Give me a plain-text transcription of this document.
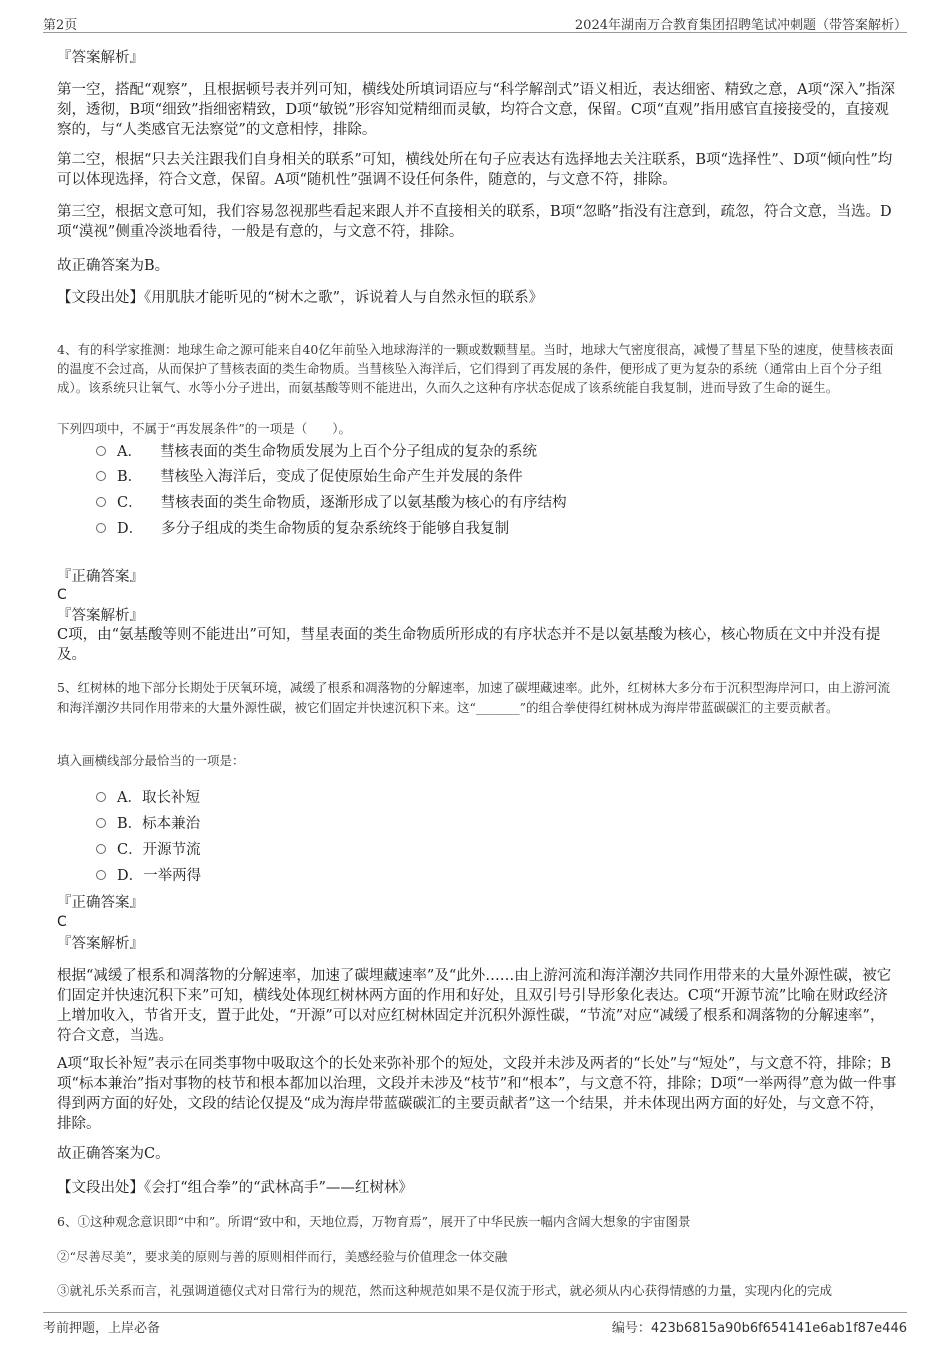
第2页	2024年湖南万合教育集团招聘笔试冲刺题（带答案解析）
『答案解析』
第一空，搭配“观察”，且根据顿号表并列可知，横线处所填词语应与“科学解剖式”语义相近，表达细密、精致之意，A项“深入”指深刻，透彻，B项“细致”指细密精致，D项“敏锐”形容知觉精细而灵敏，均符合文意，保留。C项“直观”指用感官直接接受的，直接观察的，与“人类感官无法察觉”的文意相悖，排除。
第二空，根据“只去关注跟我们自身相关的联系”可知，横线处所在句子应表达有选择地去关注联系，B项“选择性”、D项“倾向性”均可以体现选择，符合文意，保留。A项“随机性”强调不设任何条件，随意的，与文意不符，排除。
第三空，根据文意可知，我们容易忽视那些看起来跟人并不直接相关的联系，B项“忽略”指没有注意到，疏忽，符合文意，当选。D项“漠视”侧重冷淡地看待，一般是有意的，与文意不符，排除。
故正确答案为B。
【文段出处】《用肌肤才能听见的“树木之歌”，诉说着人与自然永恒的联系》
4、有的科学家推测：地球生命之源可能来自40亿年前坠入地球海洋的一颗或数颗彗星。当时，地球大气密度很高，减慢了彗星下坠的速度，使彗核表面的温度不会过高，从而保护了彗核表面的类生命物质。当彗核坠入海洋后，它们得到了再发展的条件，便形成了更为复杂的系统（通常由上百个分子组成）。该系统只让氧气、水等小分子进出，而氨基酸等则不能进出，久而久之这种有序状态促成了该系统能自我复制，进而导致了生命的诞生。
下列四项中，不属于“再发展条件”的一项是（　　）。
A． 彗核表面的类生命物质发展为上百个分子组成的复杂的系统
B． 彗核坠入海洋后，变成了促使原始生命产生并发展的条件
C． 彗核表面的类生命物质，逐渐形成了以氨基酸为核心的有序结构
D． 多分子组成的类生命物质的复杂系统终于能够自我复制
『正确答案』
C
『答案解析』
C项，由“氨基酸等则不能进出”可知，彗星表面的类生命物质所形成的有序状态并不是以氨基酸为核心，核心物质在文中并没有提及。
5、红树林的地下部分长期处于厌氧环境，减缓了根系和凋落物的分解速率，加速了碳埋藏速率。此外，红树林大多分布于沉积型海岸河口，由上游河流和海洋潮汐共同作用带来的大量外源性碳，被它们固定并快速沉积下来。这“_______”的组合拳使得红树林成为海岸带蓝碳碳汇的主要贡献者。
填入画横线部分最恰当的一项是：
A．取长补短
B．标本兼治
C．开源节流
D．一举两得
『正确答案』
C
『答案解析』
根据“减缓了根系和凋落物的分解速率，加速了碳埋藏速率”及“此外……由上游河流和海洋潮汐共同作用带来的大量外源性碳，被它们固定并快速沉积下来”可知，横线处体现红树林两方面的作用和好处，且双引号引导形象化表达。C项“开源节流”比喻在财政经济上增加收入，节省开支，置于此处，“开源”可以对应红树林固定并沉积外源性碳，“节流”对应“减缓了根系和凋落物的分解速率”，符合文意，当选。
A项“取长补短”表示在同类事物中吸取这个的长处来弥补那个的短处，文段并未涉及两者的“长处”与“短处”，与文意不符，排除；B项“标本兼治”指对事物的枝节和根本都加以治理，文段并未涉及“枝节”和“根本”，与文意不符，排除；D项“一举两得”意为做一件事得到两方面的好处，文段的结论仅提及“成为海岸带蓝碳碳汇的主要贡献者”这一个结果，并未体现出两方面的好处，与文意不符，排除。
故正确答案为C。
【文段出处】《会打“组合拳”的“武林高手”——红树林》
6、①这种观念意识即“中和”。所谓“致中和，天地位焉，万物育焉”，展开了中华民族一幅内含阔大想象的宇宙图景
②“尽善尽美”，要求美的原则与善的原则相伴而行，美感经验与价值理念一体交融
③就礼乐关系而言，礼强调道德仪式对日常行为的规范，然而这种规范如果不是仅流于形式，就必须从内心获得情感的力量，实现内化的完成
考前押题，上岸必备	编号：423b6815a90b6f654141e6ab1f87e446
